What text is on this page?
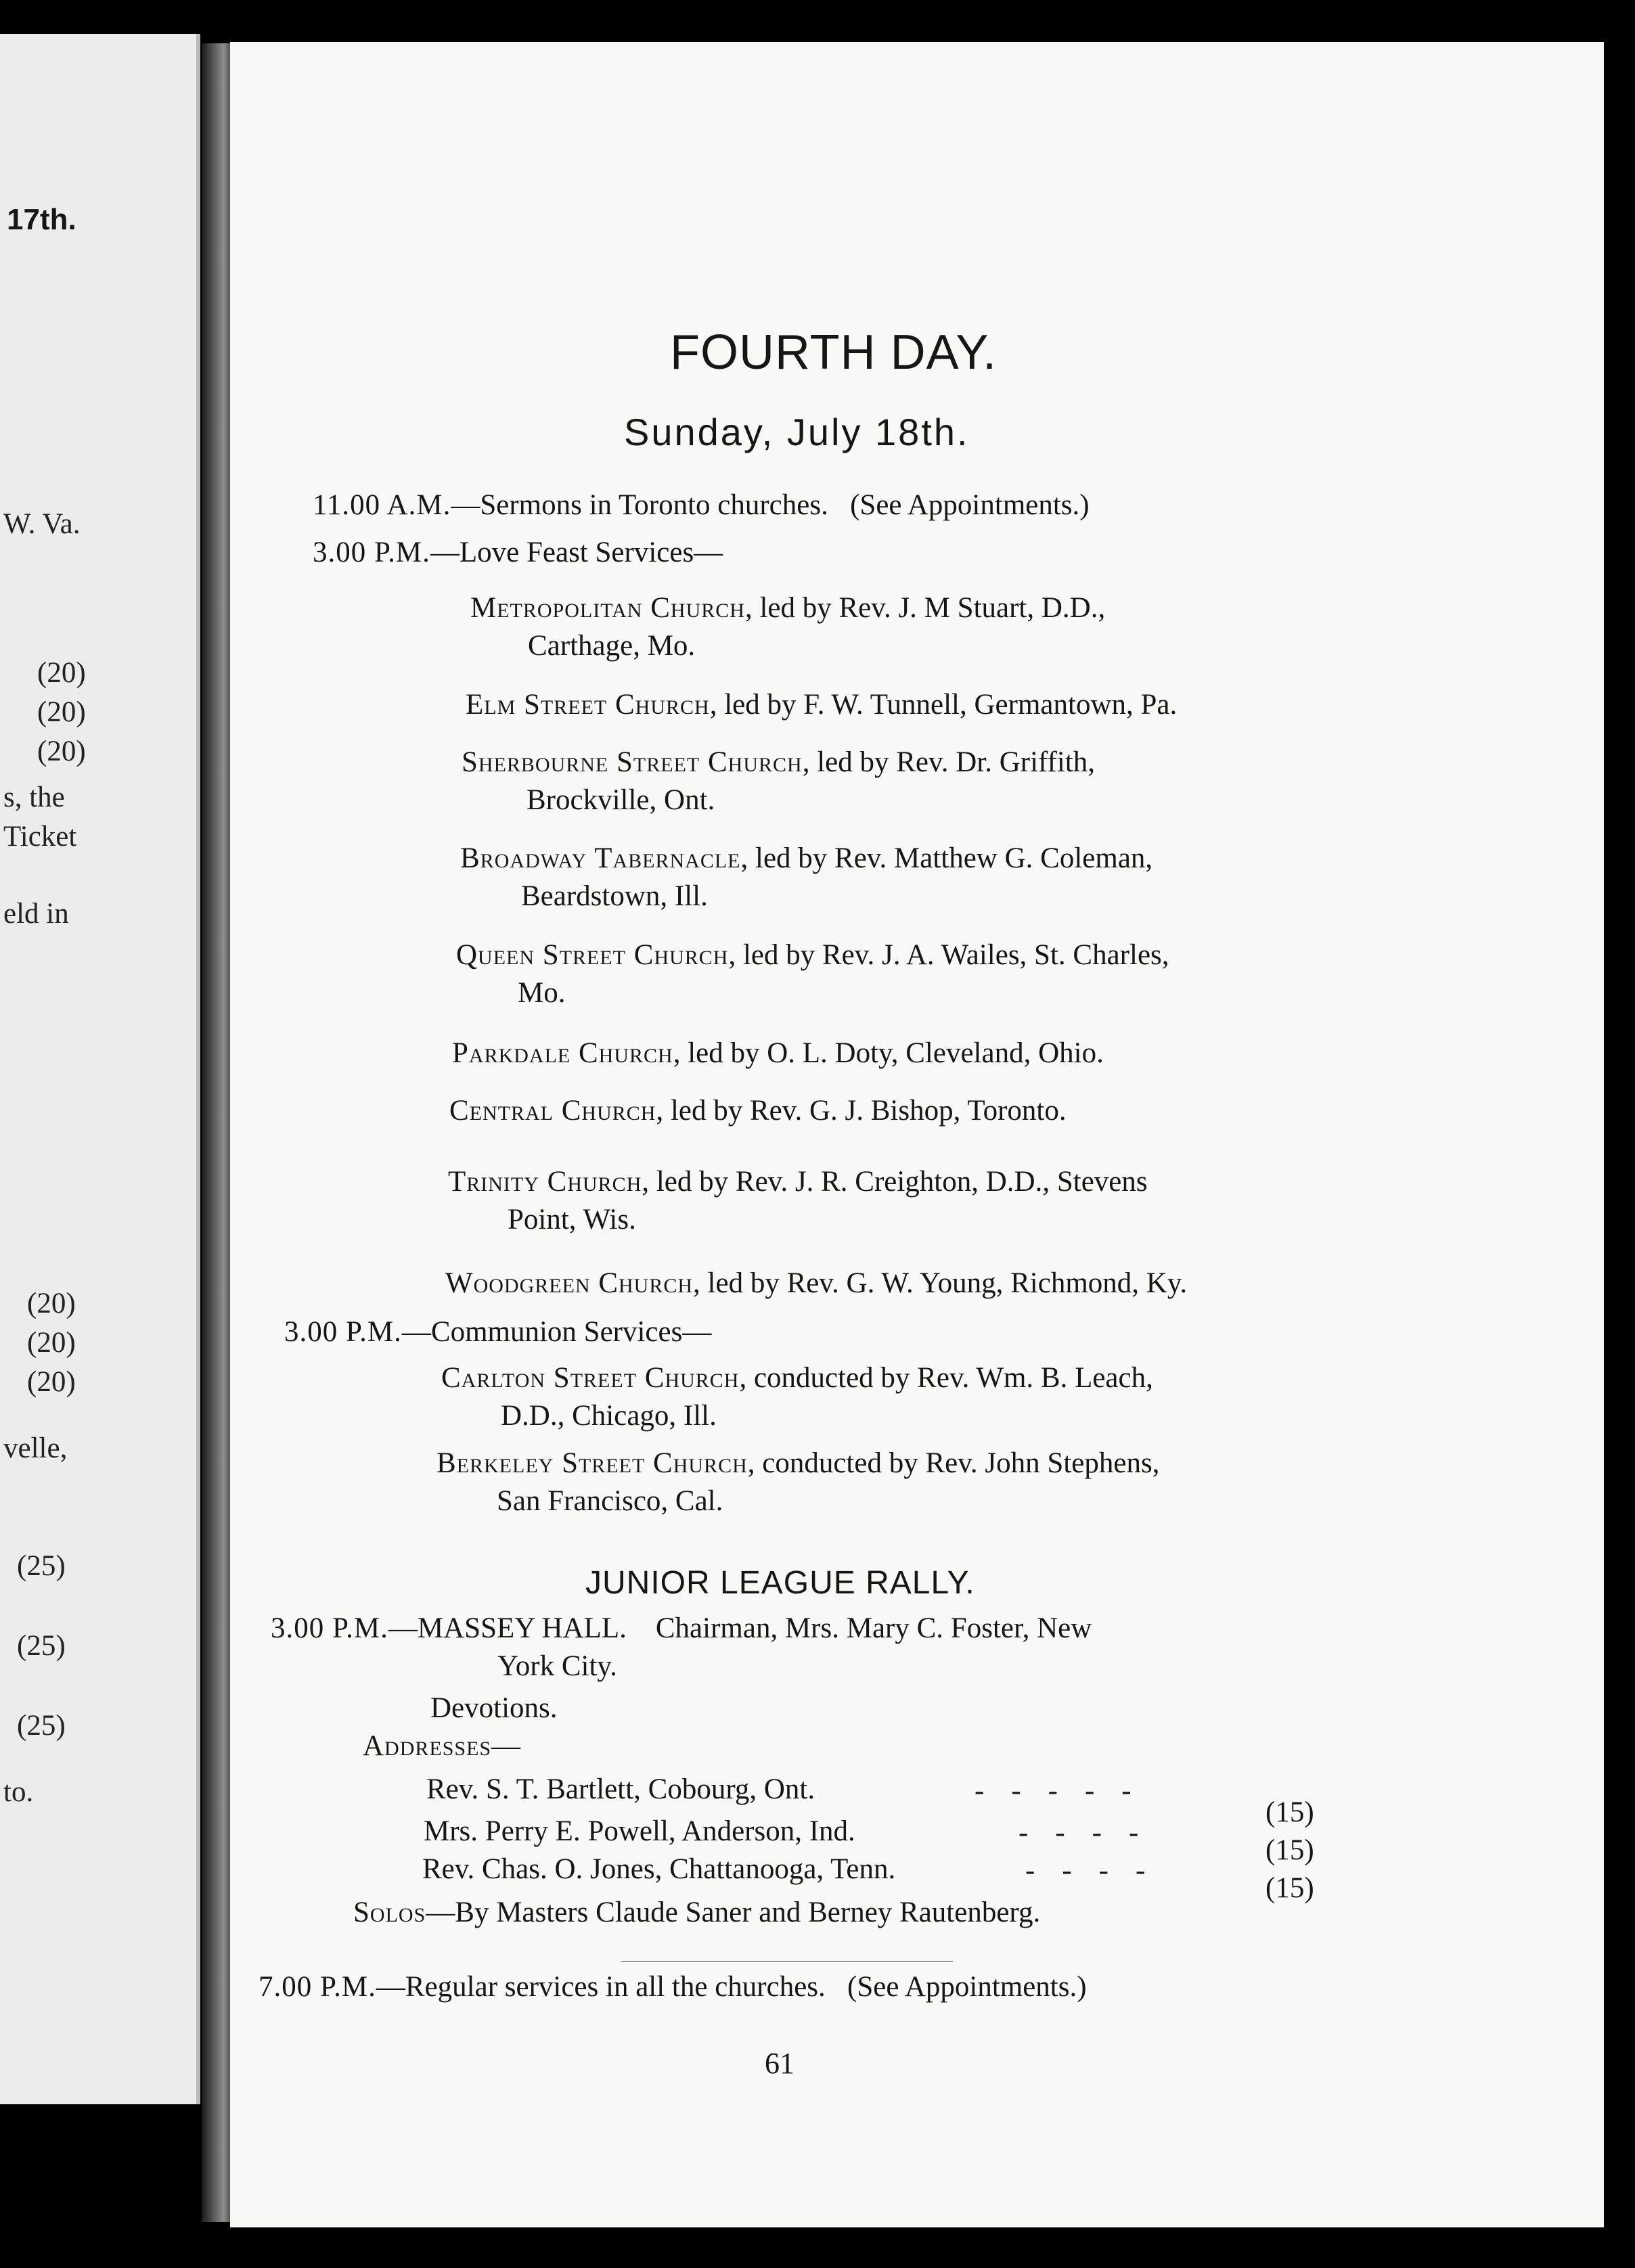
17th.
W. Va.
(20)
(20)
(20)
s, the
Ticket
eld in
(20)
(20)
(20)
velle,
(25)
(25)
(25)
to.
FOURTH DAY.
Sunday, July 18th.
11.00 A.M.—Sermons in Toronto churches. (See Appointments.)
3.00 P.M.—Love Feast Services—
Metropolitan Church, led by Rev. J. M Stuart, D.D.,
Carthage, Mo.
Elm Street Church, led by F. W. Tunnell, Germantown, Pa.
Sherbourne Street Church, led by Rev. Dr. Griffith,
Brockville, Ont.
Broadway Tabernacle, led by Rev. Matthew G. Coleman,
Beardstown, Ill.
Queen Street Church, led by Rev. J. A. Wailes, St. Charles,
Mo.
Parkdale Church, led by O. L. Doty, Cleveland, Ohio.
Central Church, led by Rev. G. J. Bishop, Toronto.
Trinity Church, led by Rev. J. R. Creighton, D.D., Stevens
Point, Wis.
Woodgreen Church, led by Rev. G. W. Young, Richmond, Ky.
3.00 P.M.—Communion Services—
Carlton Street Church, conducted by Rev. Wm. B. Leach,
D.D., Chicago, Ill.
Berkeley Street Church, conducted by Rev. John Stephens,
San Francisco, Cal.
JUNIOR LEAGUE RALLY.
3.00 P.M.—MASSEY HALL. Chairman, Mrs. Mary C. Foster, New
York City.
Devotions.
Addresses—
Rev. S. T. Bartlett, Cobourg, Ont.	-----
(15)
Mrs. Perry E. Powell, Anderson, Ind.	----
(15)
Rev. Chas. O. Jones, Chattanooga, Tenn.	----
(15)
Solos—By Masters Claude Saner and Berney Rautenberg.
7.00 P.M.—Regular services in all the churches. (See Appointments.)
61
